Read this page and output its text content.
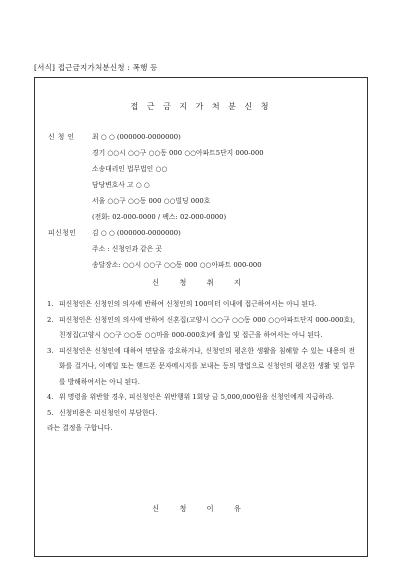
[서식] 접근금지가처분신청 : 폭행 등
접 근 금 지 가 처 분 신 청
신 청 인	최 ○ ○ (000000-0000000)
경기 ○○시 ○○구 ○○동 000 ○○아파트5단지 000-000
소송대리인 법무법인 ○○
담당변호사 고 ○ ○
서울 ○○구 ○○동 000 ○○빌딩 000호
(전화: 02-000-0000 / 팩스: 02-000-0000)
피신청인 김 ○ ○ (000000-0000000)
주소 : 신청인과 같은 곳
송달장소: ○○시 ○○구 ○○동 000 ○○아파트 000-000
신 청 취 지
1. 피신청인은 신청인의 의사에 반하여 신청인의 100미터 이내에 접근하여서는 아니 된다.
2. 피신청인은 신청인의 의사에 반하여 신혼집(고양시 ○○구 ○○동 000 ○○아파트단지 000-000호), 친정집(고양시 ○○구 ○○동 ○○마을 000-000호)에 출입 및 접근을 하여서는 아니 된다.
3. 피신청인은 신청인에 대하여 면담을 강요하거나, 신청인의 평온한 생활을 침해할 수 있는 내용의 전화를 걸거나, 이메일 또는 핸드폰 문자메시지를 보내는 등의 방법으로 신청인의 평온한 생활 및 업무를 방해하여서는 아니 된다.
4. 위 명령을 위반할 경우, 피신청인은 위반행위 1회당 금 5,000,000원을 신청인에게 지급하라.
5. 신청비용은 피신청인이 부담한다.
라는 결정을 구합니다.
신 청 이 유
